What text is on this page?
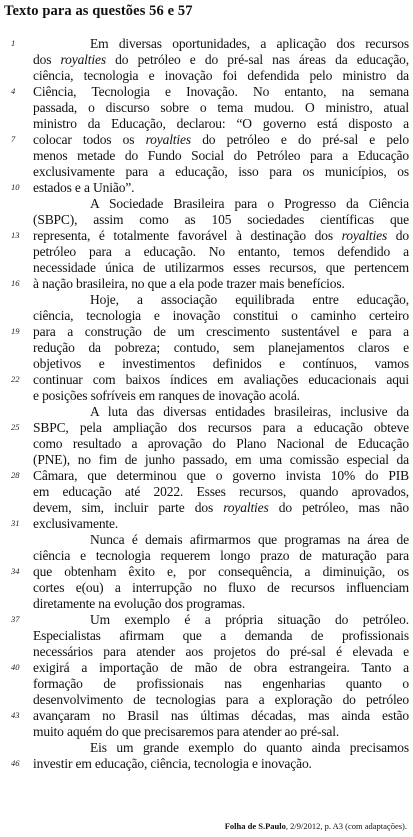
Texto para as questões 56 e 57
1
4
7
10
13
16
19
22
25
28
31
34
37
40
43
46
Em diversas oportunidades, a aplicação dos recursos
dos royalties do petróleo e do pré-sal nas áreas da educação,
ciência, tecnologia e inovação foi defendida pelo ministro da
Ciência, Tecnologia e Inovação. No entanto, na semana
passada, o discurso sobre o tema mudou. O ministro, atual
ministro da Educação, declarou: “O governo está disposto a
colocar todos os royalties do petróleo e do pré-sal e pelo
menos metade do Fundo Social do Petróleo para a Educação
exclusivamente para a educação, isso para os municípios, os
estados e a União”.
A Sociedade Brasileira para o Progresso da Ciência
(SBPC), assim como as 105 sociedades científicas que
representa, é totalmente favorável à destinação dos royalties do
petróleo para a educação. No entanto, temos defendido a
necessidade única de utilizarmos esses recursos, que pertencem
à nação brasileira, no que a ela pode trazer mais benefícios.
Hoje, a associação equilibrada entre educação,
ciência, tecnologia e inovação constitui o caminho certeiro
para a construção de um crescimento sustentável e para a
redução da pobreza; contudo, sem planejamentos claros e
objetivos e investimentos definidos e contínuos, vamos
continuar com baixos índices em avaliações educacionais aqui
e posições sofríveis em ranques de inovação acolá.
A luta das diversas entidades brasileiras, inclusive da
SBPC, pela ampliação dos recursos para a educação obteve
como resultado a aprovação do Plano Nacional de Educação
(PNE), no fim de junho passado, em uma comissão especial da
Câmara, que determinou que o governo invista 10% do PIB
em educação até 2022. Esses recursos, quando aprovados,
devem, sim, incluir parte dos royalties do petróleo, mas não
exclusivamente.
Nunca é demais afirmarmos que programas na área de
ciência e tecnologia requerem longo prazo de maturação para
que obtenham êxito e, por consequência, a diminuição, os
cortes e(ou) a interrupção no fluxo de recursos influenciam
diretamente na evolução dos programas.
Um exemplo é a própria situação do petróleo.
Especialistas afirmam que a demanda de profissionais
necessários para atender aos projetos do pré-sal é elevada e
exigirá a importação de mão de obra estrangeira. Tanto a
formação de profissionais nas engenharias quanto o
desenvolvimento de tecnologias para a exploração do petróleo
avançaram no Brasil nas últimas décadas, mas ainda estão
muito aquém do que precisaremos para atender ao pré-sal.
Eis um grande exemplo do quanto ainda precisamos
investir em educação, ciência, tecnologia e inovação.
Folha de S.Paulo, 2/9/2012, p. A3 (com adaptações).
